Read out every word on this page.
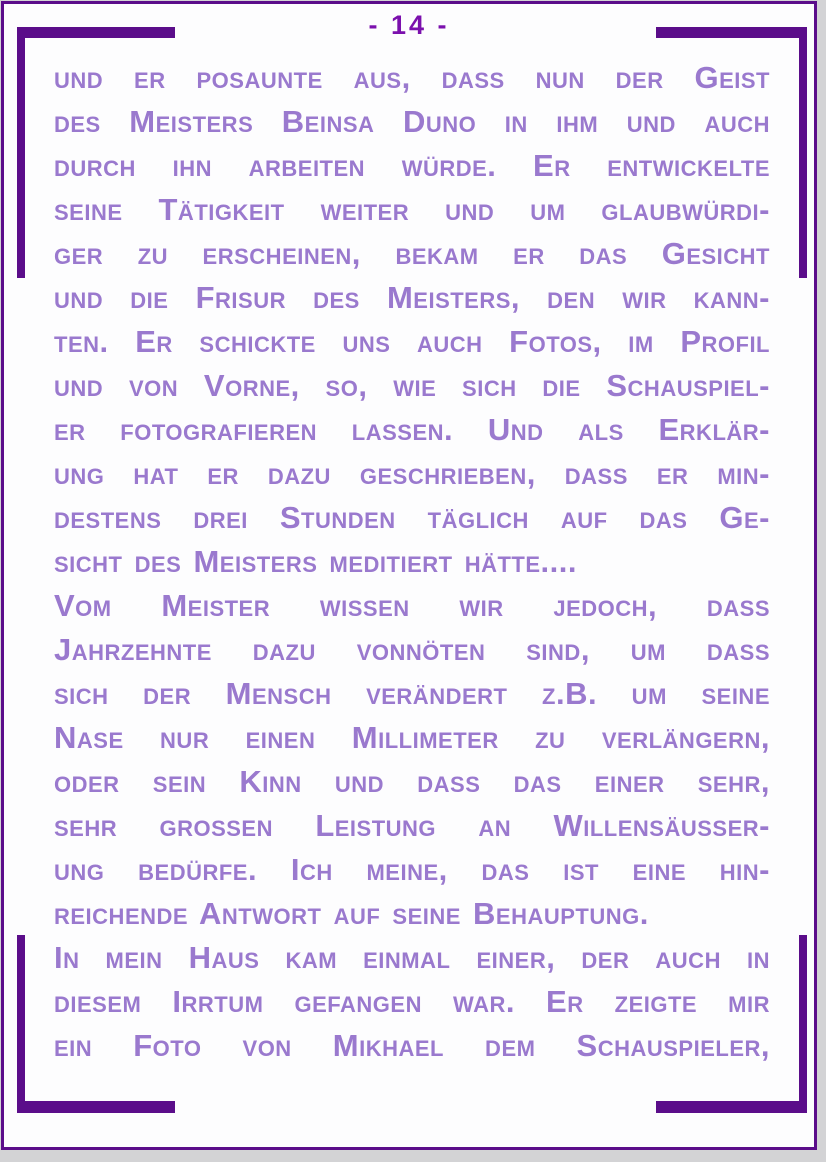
- 14 -
und er posaunte aus, dass nun der Geist
des Meisters Beinsa Duno in ihm und auch
durch ihn arbeiten würde. Er entwickelte
seine Tätigkeit weiter und um glaubwürdi-
ger zu erscheinen, bekam er das Gesicht
und die Frisur des Meisters, den wir kann-
ten. Er schickte uns auch Fotos, im Profil
und von Vorne, so, wie sich die Schauspiel-
er fotografieren lassen. Und als Erklär-
ung hat er dazu geschrieben, dass er min-
destens drei Stunden täglich auf das Ge-
sicht des Meisters meditiert hätte....
Vom Meister wissen wir jedoch, dass
Jahrzehnte dazu vonnöten sind, um dass
sich der Mensch verändert z.B. um seine
Nase nur einen Millimeter zu verlängern,
oder sein Kinn und dass das einer sehr,
sehr grossen Leistung an Willensäusser-
ung bedürfe. Ich meine, das ist eine hin-
reichende Antwort auf seine Behauptung.
In mein Haus kam einmal einer, der auch in
diesem Irrtum gefangen war. Er zeigte mir
ein Foto von Mikhael dem Schauspieler,
